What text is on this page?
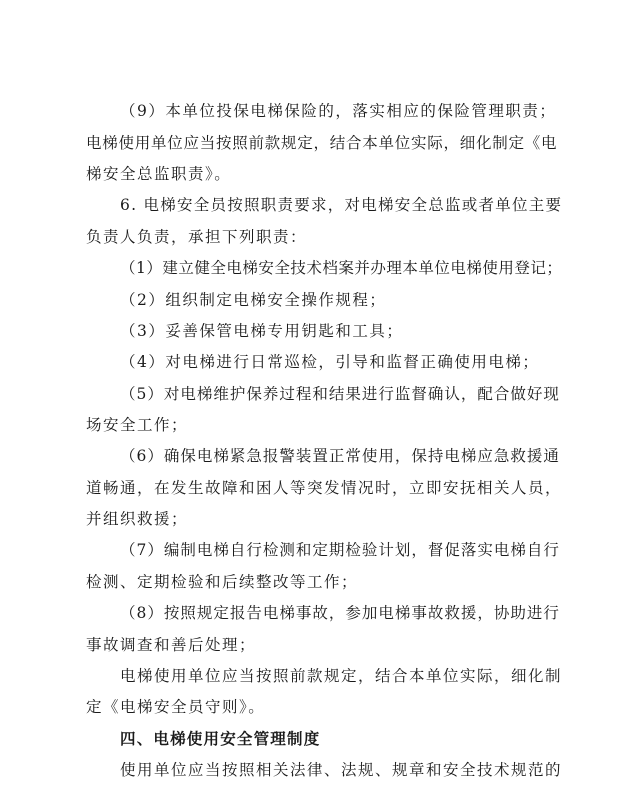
（9）本单位投保电梯保险的，落实相应的保险管理职责；
电梯使用单位应当按照前款规定，结合本单位实际，细化制定《电
梯安全总监职责》。
6. 电梯安全员按照职责要求，对电梯安全总监或者单位主要
负责人负责，承担下列职责：
（1）建立健全电梯安全技术档案并办理本单位电梯使用登记；
（2）组织制定电梯安全操作规程；
（3）妥善保管电梯专用钥匙和工具；
（4）对电梯进行日常巡检，引导和监督正确使用电梯；
（5）对电梯维护保养过程和结果进行监督确认，配合做好现
场安全工作；
（6）确保电梯紧急报警装置正常使用，保持电梯应急救援通
道畅通，在发生故障和困人等突发情况时，立即安抚相关人员，
并组织救援；
（7）编制电梯自行检测和定期检验计划，督促落实电梯自行
检测、定期检验和后续整改等工作；
（8）按照规定报告电梯事故，参加电梯事故救援，协助进行
事故调查和善后处理；
电梯使用单位应当按照前款规定，结合本单位实际，细化制
定《电梯安全员守则》。
四、电梯使用安全管理制度
使用单位应当按照相关法律、法规、规章和安全技术规范的
